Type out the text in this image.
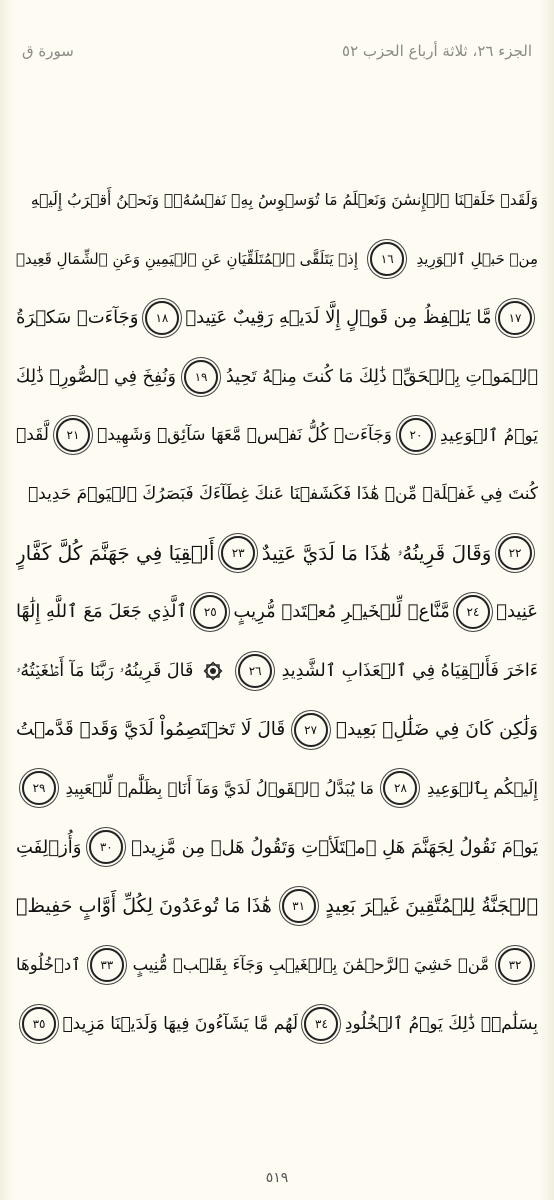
الجزء ٢٦، ثلاثة أرباع الحزب ٥٢
سورة ق
وَلَقَدۡ خَلَقۡنَا ٱلۡإِنسَٰنَ وَنَعۡلَمُ مَا تُوَسۡوِسُ بِهِۦ نَفۡسُهُۥۖ وَنَحۡنُ أَقۡرَبُ إِلَيۡهِ
مِنۡ حَبۡلِ ٱلۡوَرِيدِ
١٦
إِذۡ يَتَلَقَّى ٱلۡمُتَلَقِّيَانِ عَنِ ٱلۡيَمِينِ وَعَنِ ٱلشِّمَالِ قَعِيدٞ
١٧
مَّا يَلۡفِظُ مِن قَوۡلٍ إِلَّا لَدَيۡهِ رَقِيبٌ عَتِيدٞ
١٨
وَجَآءَتۡ سَكۡرَةُ
ٱلۡمَوۡتِ بِٱلۡحَقِّۖ ذَٰلِكَ مَا كُنتَ مِنۡهُ تَحِيدُ
١٩
وَنُفِخَ فِي ٱلصُّورِۚ ذَٰلِكَ
يَوۡمُ ٱلۡوَعِيدِ
٢٠
وَجَآءَتۡ كُلُّ نَفۡسٖ مَّعَهَا سَآئِقٞ وَشَهِيدٞ
٢١
لَّقَدۡ
كُنتَ فِي غَفۡلَةٖ مِّنۡ هَٰذَا فَكَشَفۡنَا عَنكَ غِطَآءَكَ فَبَصَرُكَ ٱلۡيَوۡمَ حَدِيدٞ
٢٢
وَقَالَ قَرِينُهُۥ هَٰذَا مَا لَدَيَّ عَتِيدٌ
٢٣
أَلۡقِيَا فِي جَهَنَّمَ كُلَّ كَفَّارٍ
عَنِيدٖ
٢٤
مَّنَّاعٖ لِّلۡخَيۡرِ مُعۡتَدٖ مُّرِيبٍ
٢٥
ٱلَّذِي جَعَلَ مَعَ ٱللَّهِ إِلَٰهًا
ءَاخَرَ فَأَلۡقِيَاهُ فِي ٱلۡعَذَابِ ٱلشَّدِيدِ
٢٦
قَالَ قَرِينُهُۥ رَبَّنَا مَآ أَطۡغَيۡتُهُۥ
وَلَٰكِن كَانَ فِي ضَلَٰلِۭ بَعِيدٖ
٢٧
قَالَ لَا تَخۡتَصِمُواْ لَدَيَّ وَقَدۡ قَدَّمۡتُ
إِلَيۡكُم بِٱلۡوَعِيدِ
٢٨
مَا يُبَدَّلُ ٱلۡقَوۡلُ لَدَيَّ وَمَآ أَنَا۠ بِظَلَّٰمٖ لِّلۡعَبِيدِ
٢٩
يَوۡمَ نَقُولُ لِجَهَنَّمَ هَلِ ٱمۡتَلَأۡتِ وَتَقُولُ هَلۡ مِن مَّزِيدٖ
٣٠
وَأُزۡلِفَتِ
ٱلۡجَنَّةُ لِلۡمُتَّقِينَ غَيۡرَ بَعِيدٍ
٣١
هَٰذَا مَا تُوعَدُونَ لِكُلِّ أَوَّابٍ حَفِيظٖ
٣٢
مَّنۡ خَشِيَ ٱلرَّحۡمَٰنَ بِٱلۡغَيۡبِ وَجَآءَ بِقَلۡبٖ مُّنِيبٍ
٣٣
ٱدۡخُلُوهَا
بِسَلَٰمٖۖ ذَٰلِكَ يَوۡمُ ٱلۡخُلُودِ
٣٤
لَهُم مَّا يَشَآءُونَ فِيهَا وَلَدَيۡنَا مَزِيدٞ
٣٥
٥١٩
